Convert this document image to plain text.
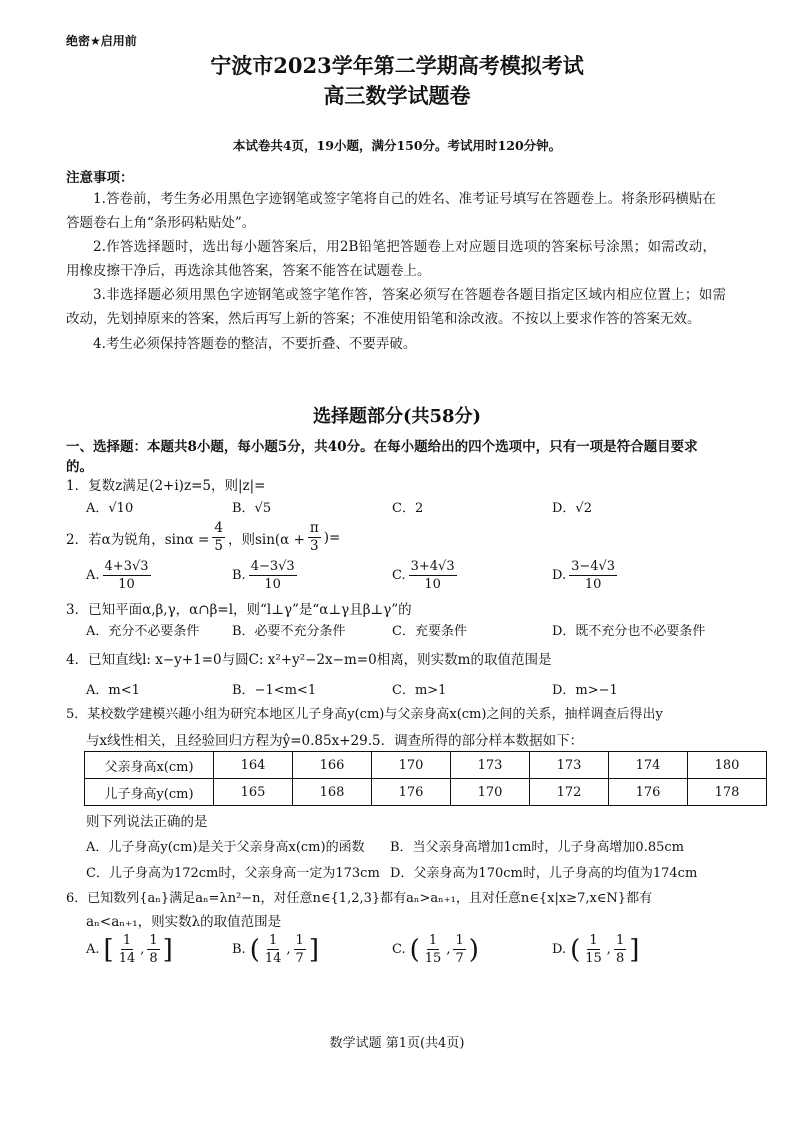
绝密★启用前
宁波市2023学年第二学期高考模拟考试
高三数学试题卷
本试卷共4页，19小题，满分150分。考试用时120分钟。
注意事项：
1.答卷前，考生务必用黑色字迹钢笔或签字笔将自己的姓名、准考证号填写在答题卷上。将条形码横贴在答题卷右上角“条形码粘贴处”。
2.作答选择题时，选出每小题答案后，用2B铅笔把答题卷上对应题目选项的答案标号涂黑；如需改动，用橡皮擦干净后，再选涂其他答案，答案不能答在试题卷上。
3.非选择题必须用黑色字迹钢笔或签字笔作答，答案必须写在答题卷各题目指定区域内相应位置上；如需改动，先划掉原来的答案，然后再写上新的答案；不准使用铅笔和涂改液。不按以上要求作答的答案无效。
4.考生必须保持答题卷的整洁，不要折叠、不要弄破。
选择题部分(共58分)
一、选择题：本题共8小题，每小题5分，共40分。在每小题给出的四个选项中，只有一项是符合题目要求的。
1．复数z满足(2+i)z=5，则|z|=
A．√10	B．√5	C．2	D．√2
2．若α为锐角，$\sin\alpha = \frac{4}{5}$ ，则$\sin(\alpha + \frac{\pi}{3}$ )=
A. $\frac{4+3√3}{10}$	B. $\frac{4-3√3}{10}$	C. $\frac{3+4√3}{10}$	D. $\frac{3-4√3}{10}$
3．已知平面α,β,γ，α∩β=l，则“l⊥γ”是“α⊥γ且β⊥γ”的
A．充分不必要条件	B．必要不充分条件	C．充要条件	D．既不充分也不必要条件
4．已知直线l: x−y+1=0与圆C: x²+y²−2x−m=0相离，则实数m的取值范围是
A．m<1	B．−1<m<1	C．m>1	D．m>−1
5．某校数学建模兴趣小组为研究本地区儿子身高y(cm)与父亲身高x(cm)之间的关系，抽样调查后得出y
与x线性相关，且经验回归方程为ŷ=0.85x+29.5．调查所得的部分样本数据如下：
父亲身高x(cm)	164	166	170	173	173	174	180
儿子身高y(cm)	165	168	176	170	172	176	178
则下列说法正确的是
A．儿子身高y(cm)是关于父亲身高x(cm)的函数 B．当父亲身高增加1cm时，儿子身高增加0.85cm
C．儿子身高为172cm时，父亲身高一定为173cm D．父亲身高为170cm时，儿子身高的均值为174cm
6．已知数列{aₙ}满足aₙ=λn²−n，对任意n∈{1,2,3}都有aₙ>aₙ₊₁，且对任意n∈{x|x≥7,x∈N}都有
aₙ<aₙ₊₁，则实数λ的取值范围是
A. [ $\frac{1}{14}$ , $\frac{1}{8}$ ]	B. ( $\frac{1}{14}$ , $\frac{1}{7}$ ]	C. ( $\frac{1}{15}$ , $\frac{1}{7}$ )	D. ( $\frac{1}{15}$ , $\frac{1}{8}$ ]
数学试题 第1页(共4页)
